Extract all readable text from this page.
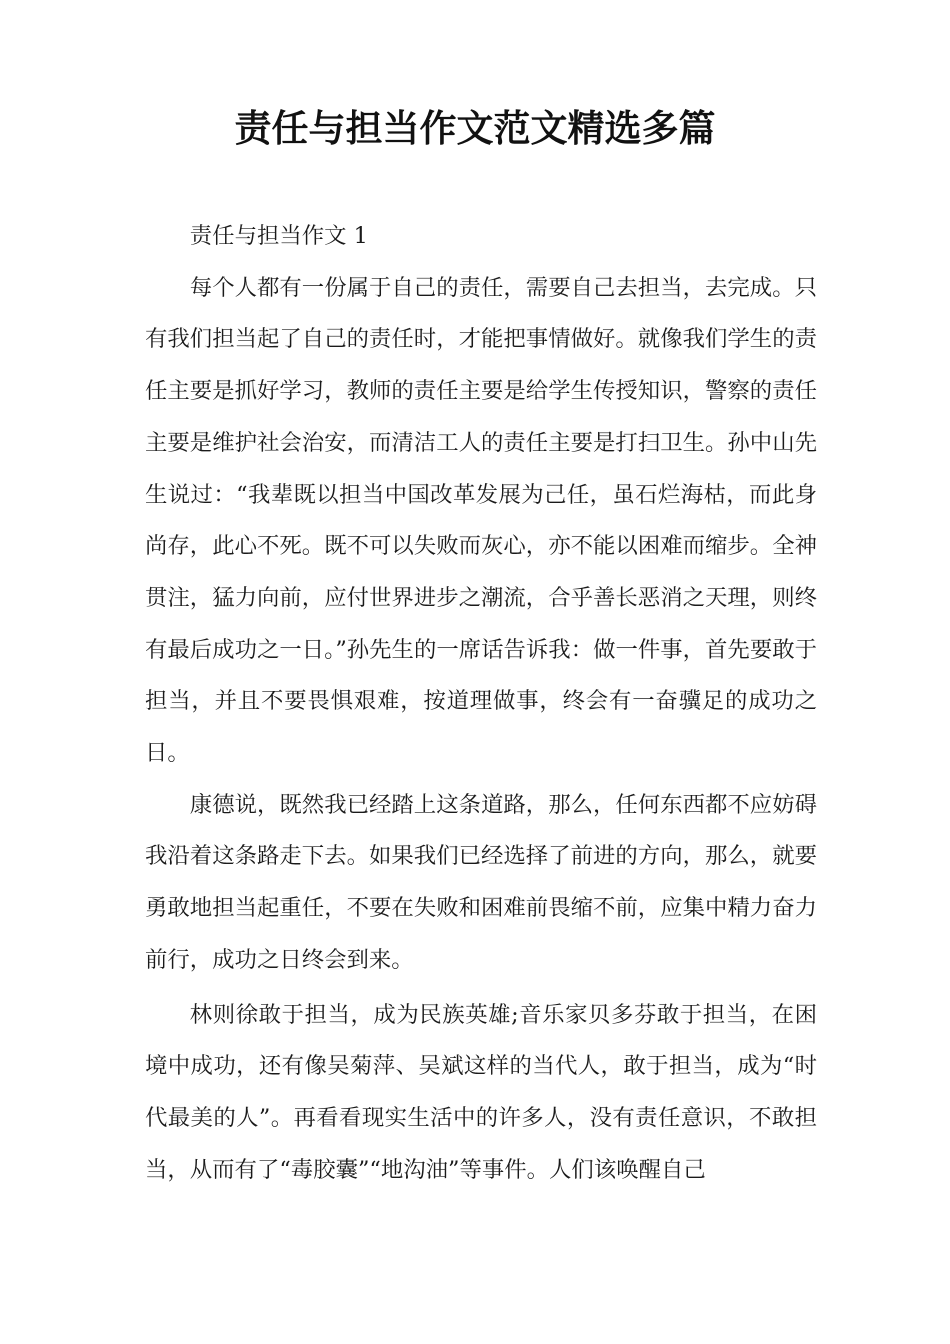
责任与担当作文范文精选多篇

责任与担当作文 1

每个人都有一份属于自己的责任，需要自己去担当，去完成。只有我们担当起了自己的责任时，才能把事情做好。就像我们学生的责任主要是抓好学习，教师的责任主要是给学生传授知识，警察的责任主要是维护社会治安，而清洁工人的责任主要是打扫卫生。孙中山先生说过：“我辈既以担当中国改革发展为己任，虽石烂海枯，而此身尚存，此心不死。既不可以失败而灰心，亦不能以困难而缩步。全神贯注，猛力向前，应付世界进步之潮流，合乎善长恶消之天理，则终有最后成功之一日。”孙先生的一席话告诉我：做一件事，首先要敢于担当，并且不要畏惧艰难，按道理做事，终会有一奋骥足的成功之日。

康德说，既然我已经踏上这条道路，那么，任何东西都不应妨碍我沿着这条路走下去。如果我们已经选择了前进的方向，那么，就要勇敢地担当起重任，不要在失败和困难前畏缩不前，应集中精力奋力前行，成功之日终会到来。

林则徐敢于担当，成为民族英雄;音乐家贝多芬敢于担当，在困境中成功，还有像吴菊萍、吴斌这样的当代人，敢于担当，成为“时代最美的人”。再看看现实生活中的许多人，没有责任意识，不敢担当，从而有了“毒胶囊”“地沟油”等事件。人们该唤醒自己
